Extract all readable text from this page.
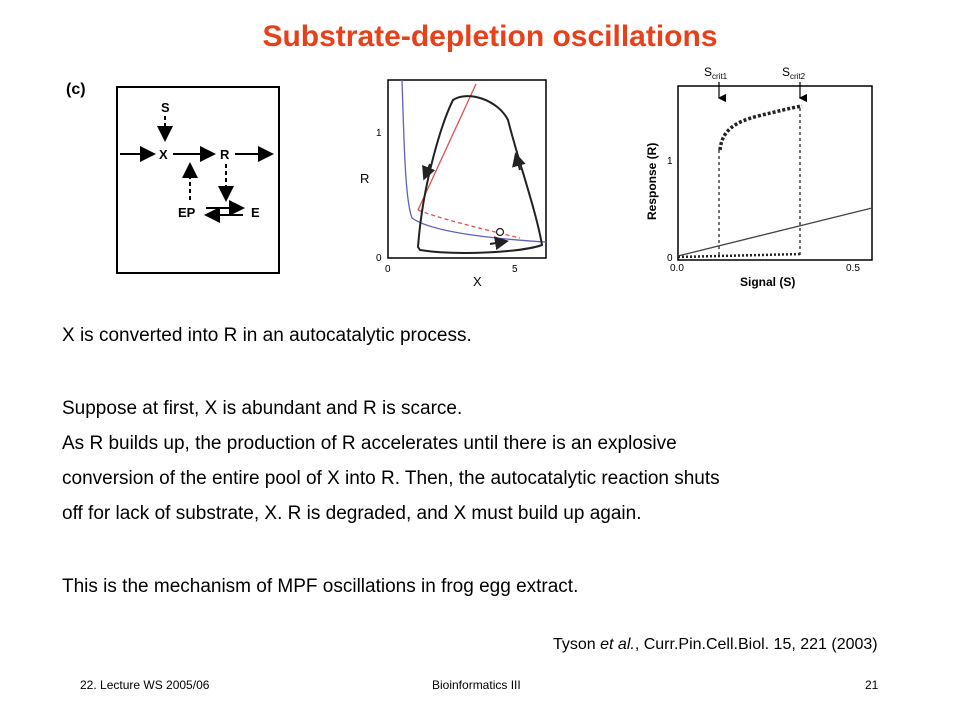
Substrate-depletion oscillations
(c)
S
X	R
EP	E
1
0
0	5
R
X
$S_{crit1}$	$S_{crit2}$
1
0
0.0	0.5
Response (R)
Signal (S)

X is converted into R in an autocatalytic process.

Suppose at first, X is abundant and R is scarce.

As R builds up, the production of R accelerates until there is an explosive

conversion of the entire pool of X into R. Then, the autocatalytic reaction shuts

off for lack of substrate, X. R is degraded, and X must build up again.

This is the mechanism of MPF oscillations in frog egg extract.

Tyson et al., Curr.Pin.Cell.Biol. 15, 221 (2003)
22. Lecture WS 2005/06	Bioinformatics III	21
